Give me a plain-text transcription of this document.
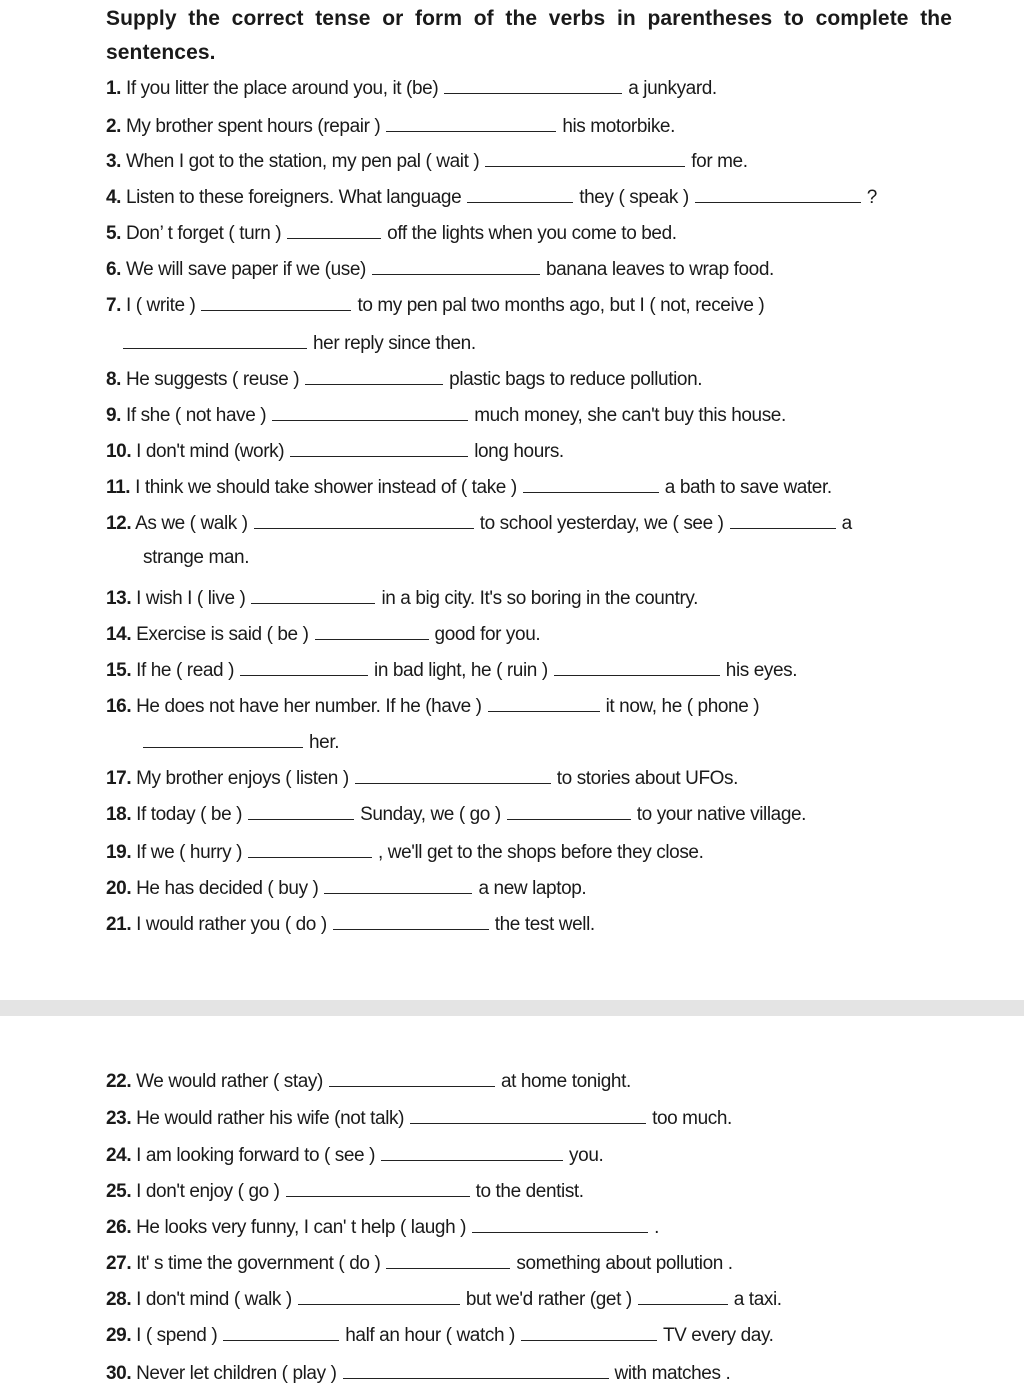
Supply the correct tense or form of the verbs in parentheses to complete the sentences.
1. If you litter the place around you, it (be)	a junkyard.
2. My brother spent hours (repair )	his motorbike.
3. When I got to the station, my pen pal ( wait )	for me.
4. Listen to these foreigners. What language	they ( speak )	?
5. Don’ t forget ( turn )	off the lights when you come to bed.
6. We will save paper if we (use)	banana leaves to wrap food.
7. I ( write )	to my pen pal two months ago, but I ( not, receive )
her reply since then.
8. He suggests ( reuse )	plastic bags to reduce pollution.
9. If she ( not have )	much money, she can't buy this house.
10. I don't mind (work)	long hours.
11. I think we should take shower instead of ( take )	a bath to save water.
12. As we ( walk )	to school yesterday, we ( see )	a
strange man.
13. I wish I ( live )	in a big city. It's so boring in the country.
14. Exercise is said ( be )	good for you.
15. If he ( read )	in bad light, he ( ruin )	his eyes.
16. He does not have her number. If he (have )	it now, he ( phone )
her.
17. My brother enjoys ( listen )	to stories about UFOs.
18. If today ( be )	Sunday, we ( go )	to your native village.
19. If we ( hurry )	, we'll get to the shops before they close.
20. He has decided ( buy )	a new laptop.
21. I would rather you ( do )	the test well.
22. We would rather ( stay)	at home tonight.
23. He would rather his wife (not talk)	too much.
24. I am looking forward to ( see )	you.
25. I don't enjoy ( go )	to the dentist.
26. He looks very funny, I can' t help ( laugh )	.
27. It' s time the government ( do )	something about pollution .
28. I don't mind ( walk )	but we'd rather (get )	a taxi.
29. I ( spend )	half an hour ( watch )	TV every day.
30. Never let children ( play )	with matches .
